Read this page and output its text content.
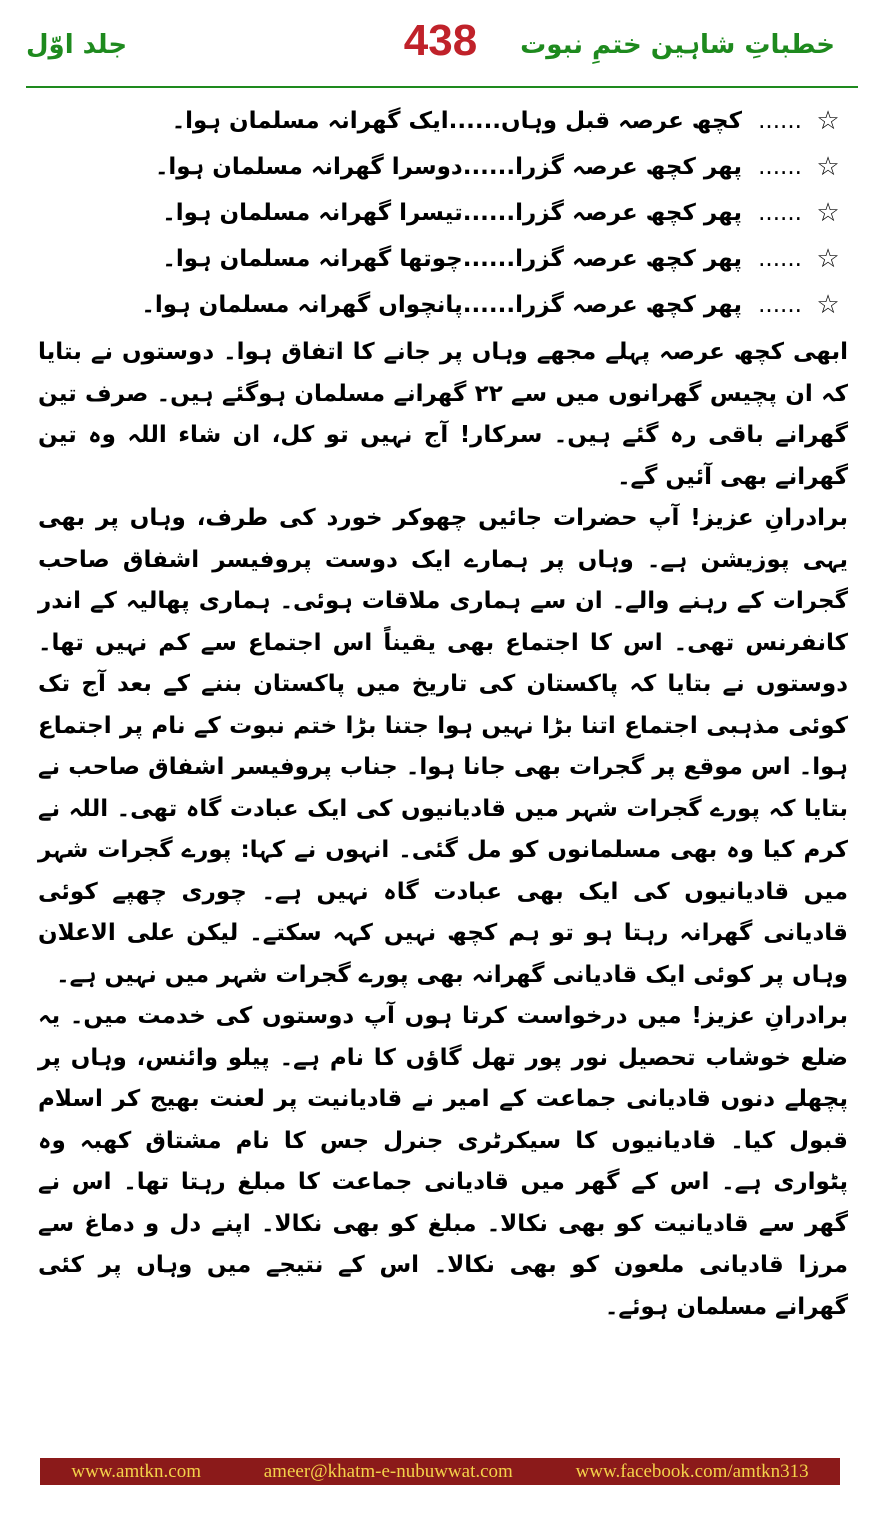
جلد اوّل	438	خطباتِ شاہین ختمِ نبوت
☆
......
کچھ عرصہ قبل وہاں......ایک گھرانہ مسلمان ہوا۔
☆
......
پھر کچھ عرصہ گزرا......دوسرا گھرانہ مسلمان ہوا۔
☆
......
پھر کچھ عرصہ گزرا......تیسرا گھرانہ مسلمان ہوا۔
☆
......
پھر کچھ عرصہ گزرا......چوتھا گھرانہ مسلمان ہوا۔
☆
......
پھر کچھ عرصہ گزرا......پانچواں گھرانہ مسلمان ہوا۔

ابھی کچھ عرصہ پہلے مجھے وہاں پر جانے کا اتفاق ہوا۔ دوستوں نے بتایا کہ ان پچیس گھرانوں میں سے ۲۲ گھرانے مسلمان ہوگئے ہیں۔ صرف تین گھرانے باقی رہ گئے ہیں۔ سرکار! آج نہیں تو کل، ان شاء اللہ وہ تین گھرانے بھی آئیں گے۔

برادرانِ عزیز! آپ حضرات جائیں چھوکر خورد کی طرف، وہاں پر بھی یہی پوزیشن ہے۔ وہاں پر ہمارے ایک دوست پروفیسر اشفاق صاحب گجرات کے رہنے والے۔ ان سے ہماری ملاقات ہوئی۔ ہماری پھالیہ کے اندر کانفرنس تھی۔ اس کا اجتماع بھی یقیناً اس اجتماع سے کم نہیں تھا۔ دوستوں نے بتایا کہ پاکستان کی تاریخ میں پاکستان بننے کے بعد آج تک کوئی مذہبی اجتماع اتنا بڑا نہیں ہوا جتنا بڑا ختم نبوت کے نام پر اجتماع ہوا۔ اس موقع پر گجرات بھی جانا ہوا۔ جناب پروفیسر اشفاق صاحب نے بتایا کہ پورے گجرات شہر میں قادیانیوں کی ایک عبادت گاہ تھی۔ اللہ نے کرم کیا وہ بھی مسلمانوں کو مل گئی۔ انہوں نے کہا: پورے گجرات شہر میں قادیانیوں کی ایک بھی عبادت گاہ نہیں ہے۔ چوری چھپے کوئی قادیانی گھرانہ رہتا ہو تو ہم کچھ نہیں کہہ سکتے۔ لیکن علی الاعلان وہاں پر کوئی ایک قادیانی گھرانہ بھی پورے گجرات شہر میں نہیں ہے۔

برادرانِ عزیز! میں درخواست کرتا ہوں آپ دوستوں کی خدمت میں۔ یہ ضلع خوشاب تحصیل نور پور تھل گاؤں کا نام ہے۔ پیلو وائنس، وہاں پر پچھلے دنوں قادیانی جماعت کے امیر نے قادیانیت پر لعنت بھیج کر اسلام قبول کیا۔ قادیانیوں کا سیکرٹری جنرل جس کا نام مشتاق کھبہ وہ پٹواری ہے۔ اس کے گھر میں قادیانی جماعت کا مبلغ رہتا تھا۔ اس نے گھر سے قادیانیت کو بھی نکالا۔ مبلغ کو بھی نکالا۔ اپنے دل و دماغ سے مرزا قادیانی ملعون کو بھی نکالا۔ اس کے نتیجے میں وہاں پر کئی گھرانے مسلمان ہوئے۔

www.amtkn.com	ameer@khatm-e-nubuwwat.com	www.facebook.com/amtkn313
